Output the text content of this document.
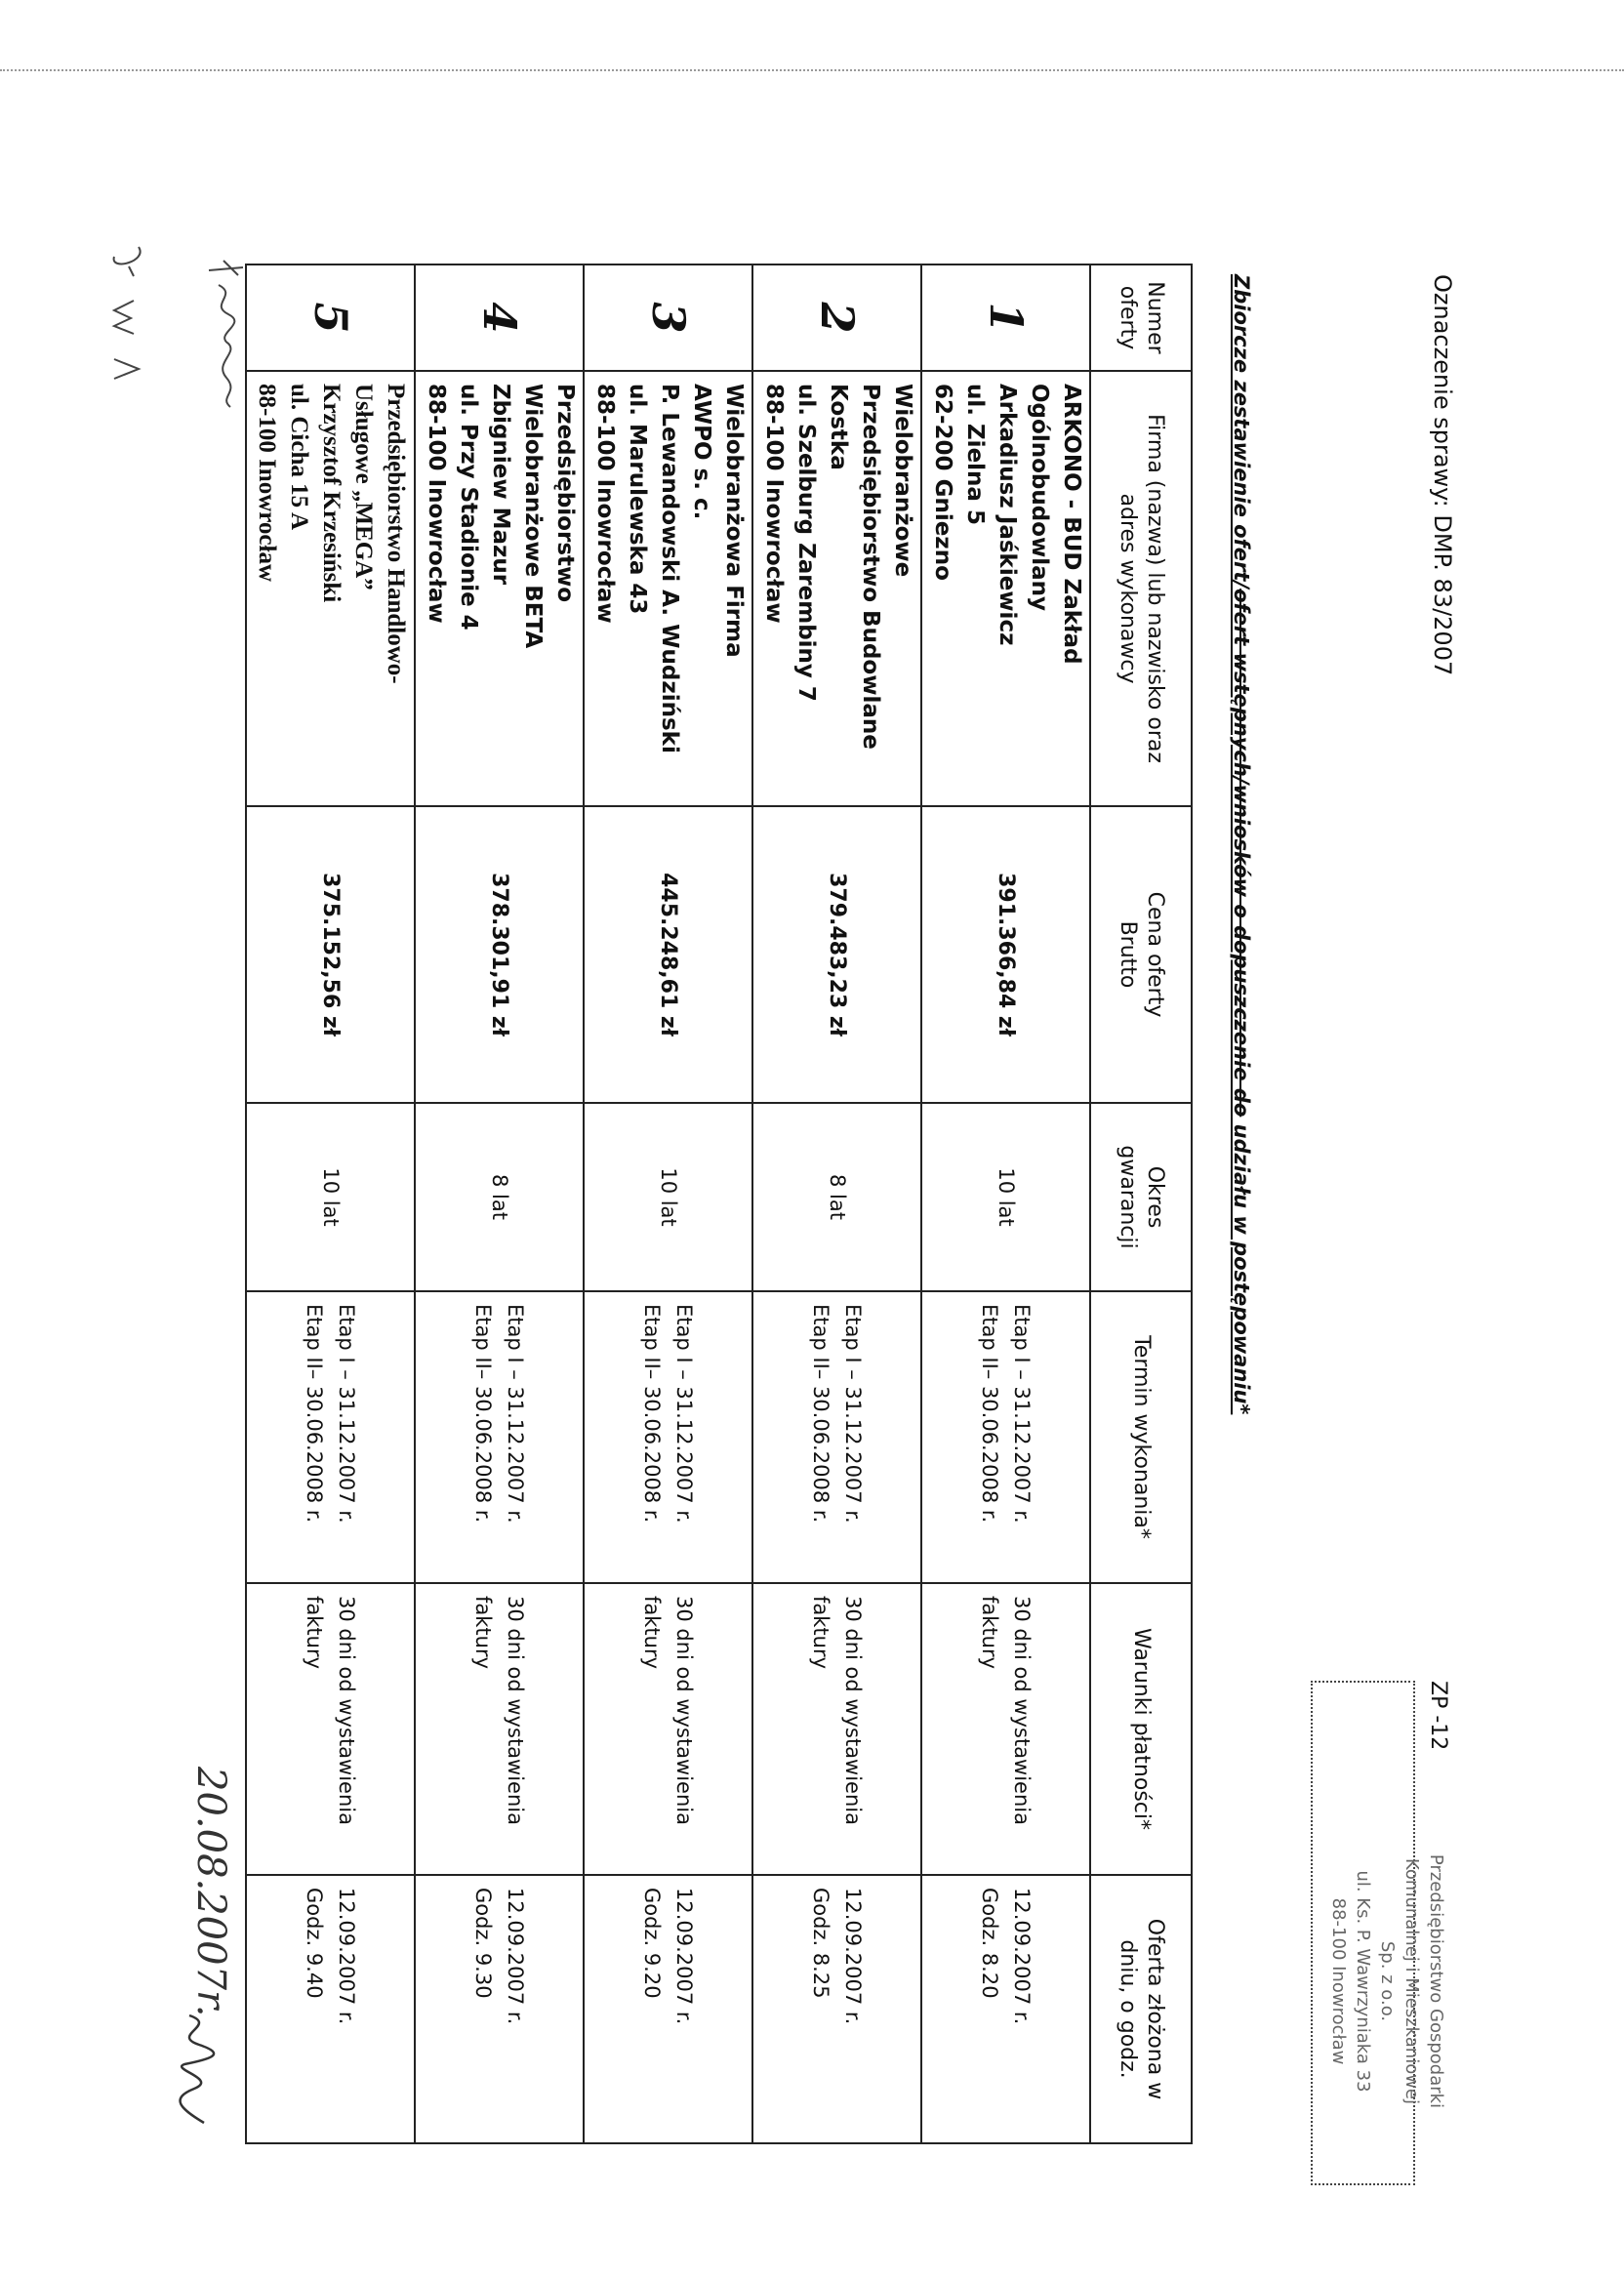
Oznaczenie sprawy: DMP. 83/2007
ZP -12
Przedsiębiorstwo Gospodarki
Komunalnej i Mieszkaniowej
Sp. z o.o.
ul. Ks. P. Wawrzyniaka 33
88-100 Inowrocław
Zbiorcze zestawienie ofert/ofert wstępnych/wniosków o dopuszczenie do udziału w postępowaniu*
Numer
oferty	Firma (nazwa) lub nazwisko oraz
adres wykonawcy	Cena oferty
Brutto	Okres
gwarancji	Termin wykonania*	Warunki płatności*	Oferta złożona w
dniu, o godz.

1	ARKONO - BUD Zakład
Ogólnobudowlany
Arkadiusz Jaśkiewicz
ul. Zielna 5
62-200 Gniezno	391.366,84 zł	10 lat	Etap I – 31.12.2007 r.
Etap II– 30.06.2008 r.	30 dni od wystawienia
faktury	12.09.2007 r.
Godz. 8.20

2	Wielobranżowe
Przedsiębiorstwo Budowlane
Kostka
ul. Szelburg Zarembiny 7
88-100 Inowrocław	379.483,23 zł	8 lat	Etap I – 31.12.2007 r.
Etap II– 30.06.2008 r.	30 dni od wystawienia
faktury	12.09.2007 r.
Godz. 8.25

3	Wielobranżowa Firma
AWPO s. c.
P. Lewandowski A. Wudziński
ul. Marulewska 43
88-100 Inowrocław	445.248,61 zł	10 lat	Etap I – 31.12.2007 r.
Etap II– 30.06.2008 r.	30 dni od wystawienia
faktury	12.09.2007 r.
Godz. 9.20

4	Przedsiębiorstwo
Wielobranżowe BETA
Zbigniew Mazur
ul. Przy Stadionie 4
88-100 Inowrocław	378.301,91 zł	8 lat	Etap I – 31.12.2007 r.
Etap II– 30.06.2008 r.	30 dni od wystawienia
faktury	12.09.2007 r.
Godz. 9.30

5	Przedsiębiorstwo Handlowo-
Usługowe „MEGA”
Krzysztof Krzesiński
ul. Cicha 15 A
88-100 Inowrocław	375.152,56 zł	10 lat	Etap I – 31.12.2007 r.
Etap II– 30.06.2008 r.	30 dni od wystawienia
faktury	12.09.2007 r.
Godz. 9.40
20.08.2007r.
